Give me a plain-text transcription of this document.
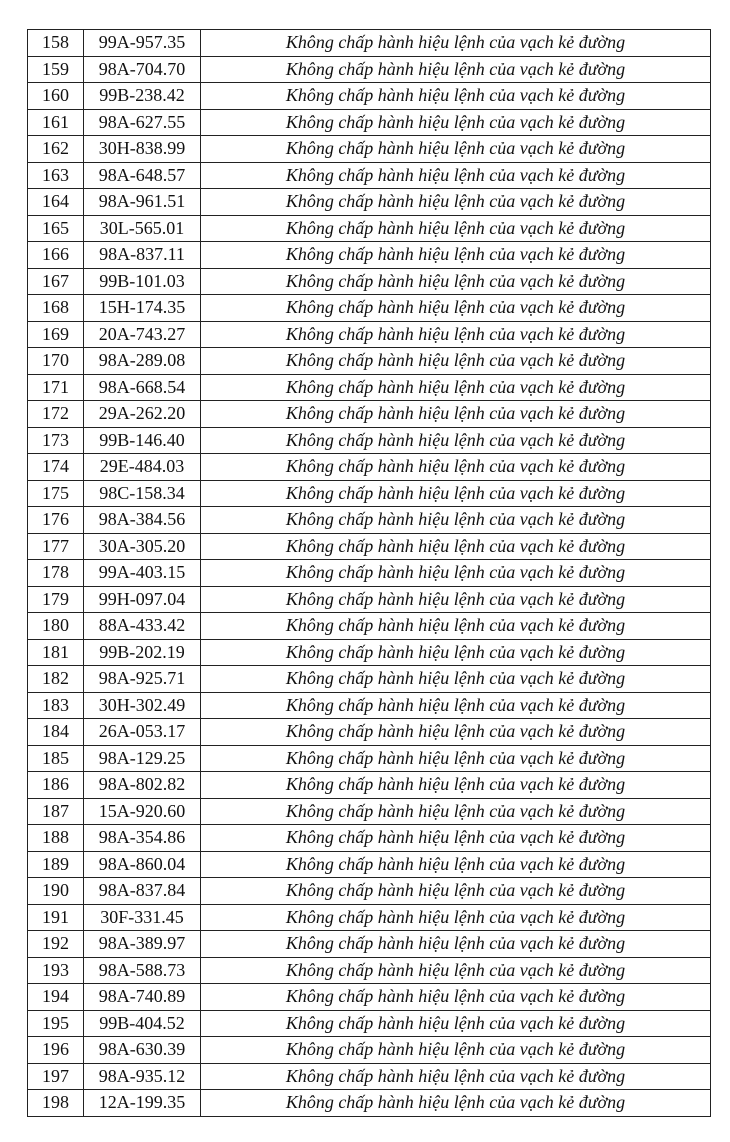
158	99A-957.35	Không chấp hành hiệu lệnh của vạch kẻ đường
159	98A-704.70	Không chấp hành hiệu lệnh của vạch kẻ đường
160	99B-238.42	Không chấp hành hiệu lệnh của vạch kẻ đường
161	98A-627.55	Không chấp hành hiệu lệnh của vạch kẻ đường
162	30H-838.99	Không chấp hành hiệu lệnh của vạch kẻ đường
163	98A-648.57	Không chấp hành hiệu lệnh của vạch kẻ đường
164	98A-961.51	Không chấp hành hiệu lệnh của vạch kẻ đường
165	30L-565.01	Không chấp hành hiệu lệnh của vạch kẻ đường
166	98A-837.11	Không chấp hành hiệu lệnh của vạch kẻ đường
167	99B-101.03	Không chấp hành hiệu lệnh của vạch kẻ đường
168	15H-174.35	Không chấp hành hiệu lệnh của vạch kẻ đường
169	20A-743.27	Không chấp hành hiệu lệnh của vạch kẻ đường
170	98A-289.08	Không chấp hành hiệu lệnh của vạch kẻ đường
171	98A-668.54	Không chấp hành hiệu lệnh của vạch kẻ đường
172	29A-262.20	Không chấp hành hiệu lệnh của vạch kẻ đường
173	99B-146.40	Không chấp hành hiệu lệnh của vạch kẻ đường
174	29E-484.03	Không chấp hành hiệu lệnh của vạch kẻ đường
175	98C-158.34	Không chấp hành hiệu lệnh của vạch kẻ đường
176	98A-384.56	Không chấp hành hiệu lệnh của vạch kẻ đường
177	30A-305.20	Không chấp hành hiệu lệnh của vạch kẻ đường
178	99A-403.15	Không chấp hành hiệu lệnh của vạch kẻ đường
179	99H-097.04	Không chấp hành hiệu lệnh của vạch kẻ đường
180	88A-433.42	Không chấp hành hiệu lệnh của vạch kẻ đường
181	99B-202.19	Không chấp hành hiệu lệnh của vạch kẻ đường
182	98A-925.71	Không chấp hành hiệu lệnh của vạch kẻ đường
183	30H-302.49	Không chấp hành hiệu lệnh của vạch kẻ đường
184	26A-053.17	Không chấp hành hiệu lệnh của vạch kẻ đường
185	98A-129.25	Không chấp hành hiệu lệnh của vạch kẻ đường
186	98A-802.82	Không chấp hành hiệu lệnh của vạch kẻ đường
187	15A-920.60	Không chấp hành hiệu lệnh của vạch kẻ đường
188	98A-354.86	Không chấp hành hiệu lệnh của vạch kẻ đường
189	98A-860.04	Không chấp hành hiệu lệnh của vạch kẻ đường
190	98A-837.84	Không chấp hành hiệu lệnh của vạch kẻ đường
191	30F-331.45	Không chấp hành hiệu lệnh của vạch kẻ đường
192	98A-389.97	Không chấp hành hiệu lệnh của vạch kẻ đường
193	98A-588.73	Không chấp hành hiệu lệnh của vạch kẻ đường
194	98A-740.89	Không chấp hành hiệu lệnh của vạch kẻ đường
195	99B-404.52	Không chấp hành hiệu lệnh của vạch kẻ đường
196	98A-630.39	Không chấp hành hiệu lệnh của vạch kẻ đường
197	98A-935.12	Không chấp hành hiệu lệnh của vạch kẻ đường
198	12A-199.35	Không chấp hành hiệu lệnh của vạch kẻ đường
